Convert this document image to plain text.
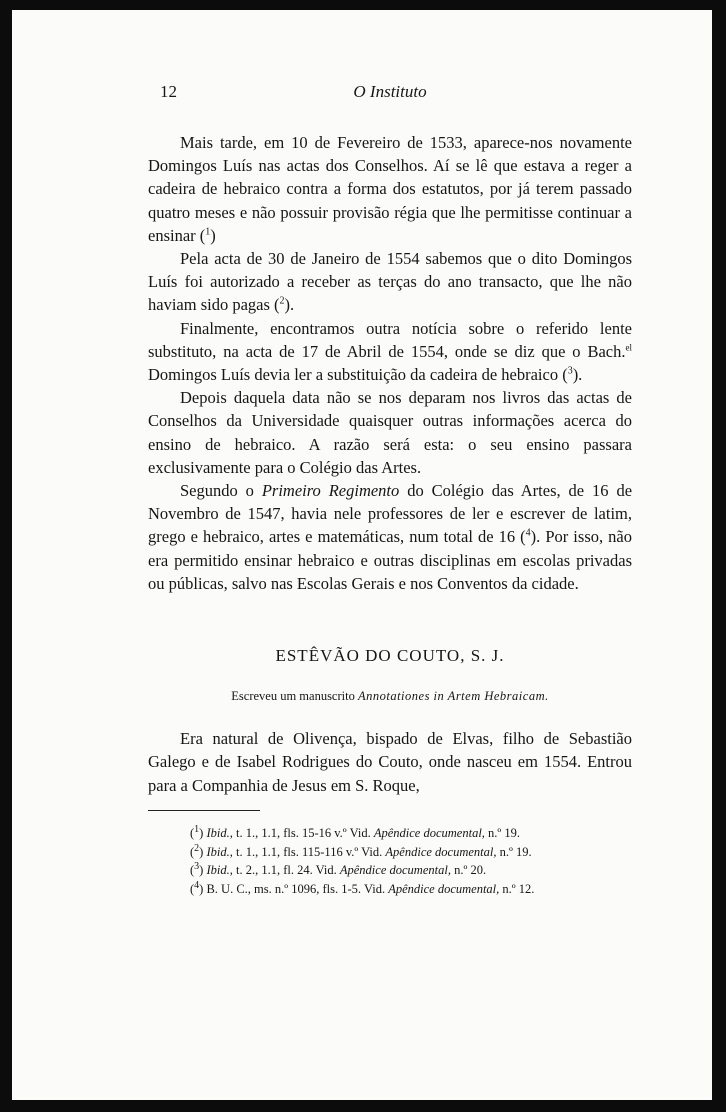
12	O Instituto

Mais tarde, em 10 de Fevereiro de 1533, aparece-nos novamente Domingos Luís nas actas dos Conselhos. Aí se lê que estava a reger a cadeira de hebraico contra a forma dos estatutos, por já terem passado quatro meses e não possuir provisão régia que lhe permitisse continuar a ensinar ($^1$)

Pela acta de 30 de Janeiro de 1554 sabemos que o dito Domingos Luís foi autorizado a receber as terças do ano transacto, que lhe não haviam sido pagas ($^2$).

Finalmente, encontramos outra notícia sobre o referido lente substituto, na acta de 17 de Abril de 1554, onde se diz que o Bach.$^{el}$ Domingos Luís devia ler a substituição da cadeira de hebraico ($^3$).

Depois daquela data não se nos deparam nos livros das actas de Conselhos da Universidade quaisquer outras informações acerca do ensino de hebraico. A razão será esta: o seu ensino passara exclusivamente para o Colégio das Artes.

Segundo o Primeiro Regimento do Colégio das Artes, de 16 de Novembro de 1547, havia nele professores de ler e escrever de latim, grego e hebraico, artes e matemáticas, num total de 16 ($^4$). Por isso, não era permitido ensinar hebraico e outras disciplinas em escolas privadas ou públicas, salvo nas Escolas Gerais e nos Conventos da cidade.

ESTÊVÃO DO COUTO, S. J.
Escreveu um manuscrito Annotationes in Artem Hebraicam.

Era natural de Olivença, bispado de Elvas, filho de Sebastião Galego e de Isabel Rodrigues do Couto, onde nasceu em 1554. Entrou para a Companhia de Jesus em S. Roque,

($^1$) Ibid., t. 1., 1.1, fls. 15-16 v.º Vid. Apêndice documental, n.º 19.

($^2$) Ibid., t. 1., 1.1, fls. 115-116 v.º Vid. Apêndice documental, n.º 19.

($^3$) Ibid., t. 2., 1.1, fl. 24. Vid. Apêndice documental, n.º 20.

($^4$) B. U. C., ms. n.º 1096, fls. 1-5. Vid. Apêndice documental, n.º 12.
